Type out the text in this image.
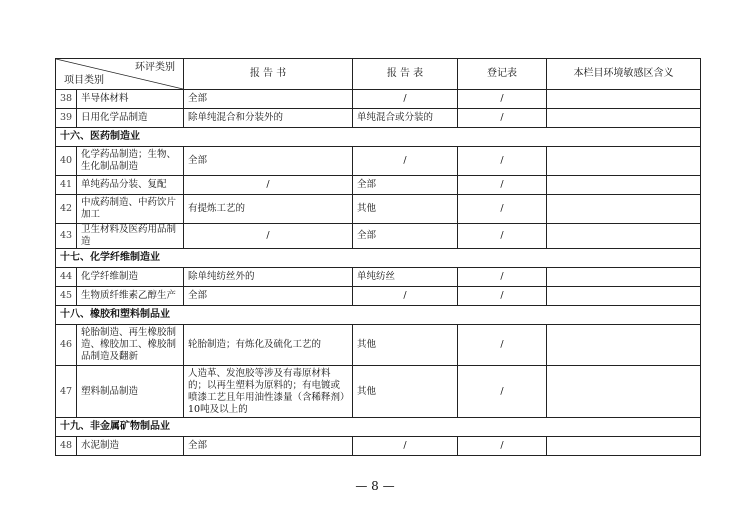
环评类别
项目类别		报 告 书	报 告 表	登记表	本栏目环境敏感区含义
38	半导体材料	全部	/	/	
39	日用化学品制造	除单纯混合和分装外的	单纯混合或分装的	/	
十六、医药制造业					
40	化学药品制造；生物、生化制品制造	全部	/	/	
41	单纯药品分装、复配	/	全部	/	
42	中成药制造、中药饮片加工	有提炼工艺的	其他	/	
43	卫生材料及医药用品制造	/	全部	/	
十七、化学纤维制造业					
44	化学纤维制造	除单纯纺丝外的	单纯纺丝	/	
45	生物质纤维素乙醇生产	全部	/	/	
十八、橡胶和塑料制品业					
46	轮胎制造、再生橡胶制造、橡胶加工、橡胶制品制造及翻新	轮胎制造；有炼化及硫化工艺的	其他	/	
47	塑料制品制造	人造革、发泡胶等涉及有毒原材料的；以再生塑料为原料的；有电镀或喷漆工艺且年用油性漆量（含稀释剂）10吨及以上的	其他	/	
十九、非金属矿物制品业					
48	水泥制造	全部	/	/	
— 8 —
